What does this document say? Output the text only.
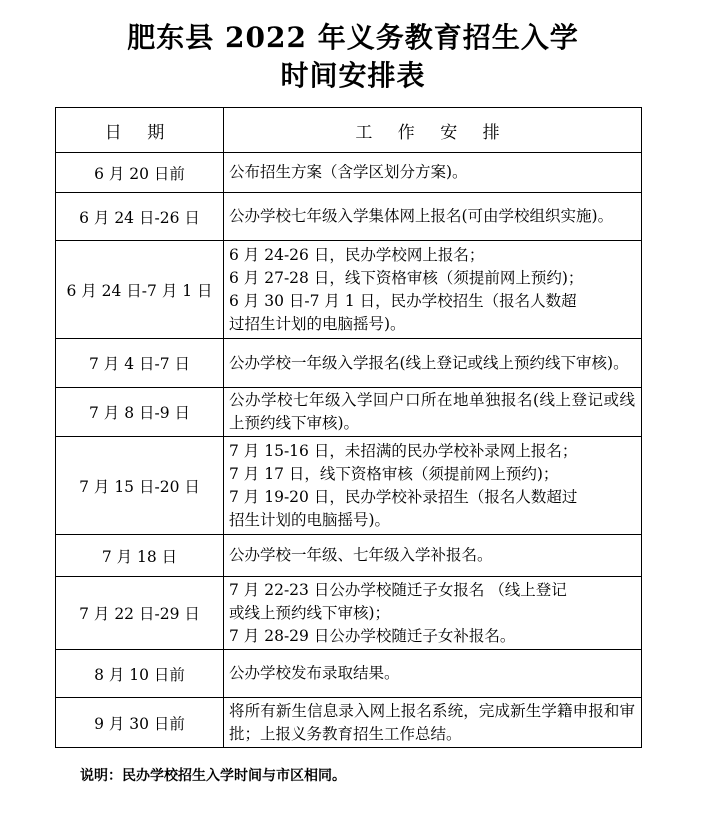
肥东县 2022 年义务教育招生入学
时间安排表
日 期	工 作 安 排
6 月 20 日前	公布招生方案（含学区划分方案)。
6 月 24 日-26 日	公办学校七年级入学集体网上报名(可由学校组织实施)。
6 月 24 日-7 月 1 日	6 月 24-26 日，民办学校网上报名；
6 月 27-28 日，线下资格审核（须提前网上预约)；
6 月 30 日-7 月 1 日，民办学校招生（报名人数超
过招生计划的电脑摇号)。

7 月 4 日-7 日	公办学校一年级入学报名(线上登记或线上预约线下审核)。
7 月 8 日-9 日	公办学校七年级入学回户口所在地单独报名(线上登记或线上预约线下审核)。
7 月 15 日-20 日	7 月 15-16 日，未招满的民办学校补录网上报名；
7 月 17 日，线下资格审核（须提前网上预约)；
7 月 19-20 日，民办学校补录招生（报名人数超过
招生计划的电脑摇号)。

7 月 18 日	公办学校一年级、七年级入学补报名。
7 月 22 日-29 日	7 月 22-23 日公办学校随迁子女报名 （线上登记
或线上预约线下审核)；
7 月 28-29 日公办学校随迁子女补报名。

8 月 10 日前	公办学校发布录取结果。
9 月 30 日前	将所有新生信息录入网上报名系统，完成新生学籍申报和审批；上报义务教育招生工作总结。
说明：民办学校招生入学时间与市区相同。
